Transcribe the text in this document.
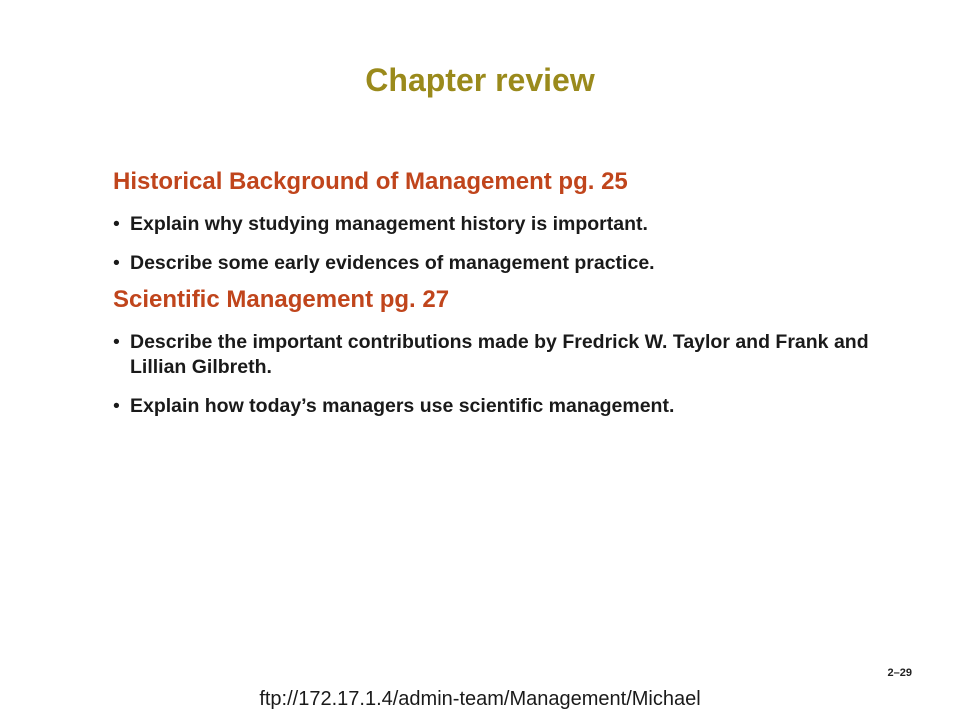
Chapter review
Historical Background of Management pg. 25
• Explain why studying management history is important.
• Describe some early evidences of management practice.
Scientific Management pg. 27
• Describe the important contributions made by Fredrick W. Taylor and Frank and Lillian Gilbreth.
• Explain how today’s managers use scientific management.
2–29
ftp://172.17.1.4/admin-team/Management/Michael
